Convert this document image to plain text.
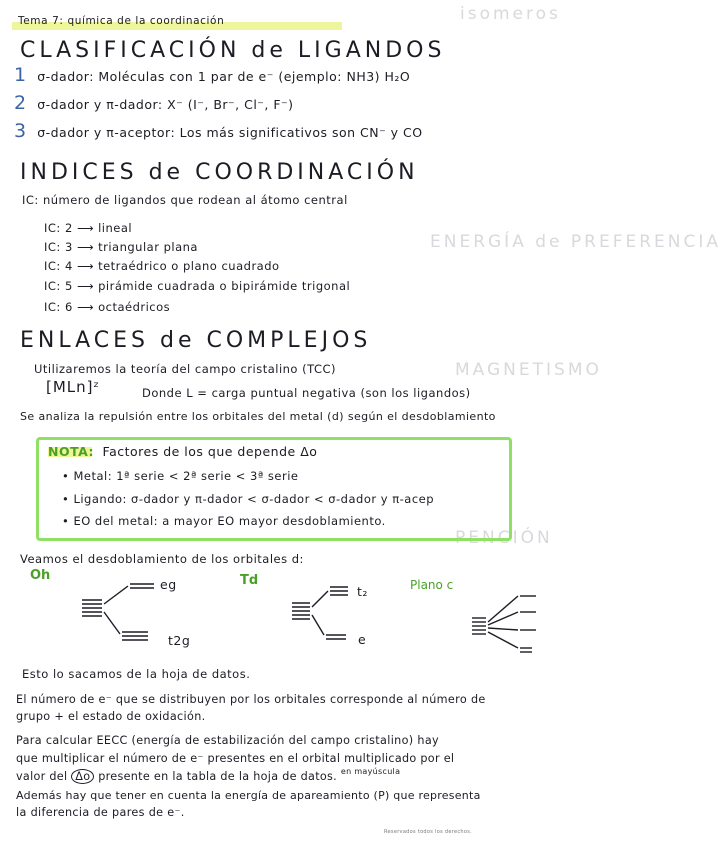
isomeros
ENERGÍA de PREFERENCIA
MAGNETISMO
PENCIÓN
Tema 7: química de la coordinación
CLASIFICACIÓN de LIGANDOS
1 σ-dador: Moléculas con 1 par de e⁻ (ejemplo: NH3) H₂O
2 σ-dador y π-dador: X⁻ (I⁻, Br⁻, Cl⁻, F⁻)
3 σ-dador y π-aceptor: Los más significativos son CN⁻ y CO
INDICES de COORDINACIÓN
IC: número de ligandos que rodean al átomo central
IC: 2 ⟶ lineal
IC: 3 ⟶ triangular plana
IC: 4 ⟶ tetraédrico o plano cuadrado
IC: 5 ⟶ pirámide cuadrada o bipirámide trigonal
IC: 6 ⟶ octaédricos
ENLACES de COMPLEJOS
Utilizaremos la teoría del campo cristalino (TCC)
[MLn]ᶻ	Donde L = carga puntual negativa (son los ligandos)
Se analiza la repulsión entre los orbitales del metal (d) según el desdoblamiento
NOTA: Factores de los que depende Δo
• Metal: 1ª serie < 2ª serie < 3ª serie
• Ligando: σ-dador y π-dador < σ-dador < σ-dador y π-acep
• EO del metal: a mayor EO mayor desdoblamiento.
Veamos el desdoblamiento de los orbitales d:
Oh	Td	Plano c
eg
t2g
t₂
e
Esto lo sacamos de la hoja de datos.
El número de e⁻ que se distribuyen por los orbitales corresponde al número de
grupo + el estado de oxidación.
Para calcular EECC (energía de estabilización del campo cristalino) hay
que multiplicar el número de e⁻ presentes en el orbital multiplicado por el
valor del Δo presente en la tabla de la hoja de datos. $^{en mayúscula}$
Además hay que tener en cuenta la energía de apareamiento (P) que representa
la diferencia de pares de e⁻.
Reservados todos los derechos.
